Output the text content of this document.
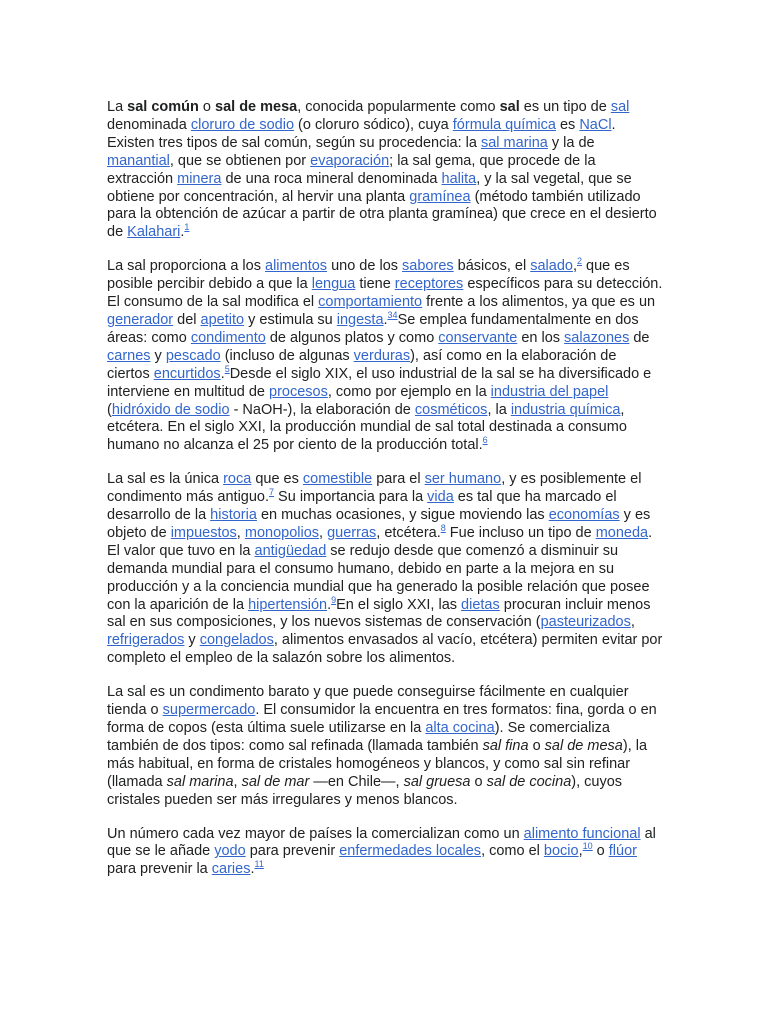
La sal común o sal de mesa, conocida popularmente como sal es un tipo de sal denominada cloruro de sodio (o cloruro sódico), cuya fórmula química es NaCl. Existen tres tipos de sal común, según su procedencia: la sal marina y la de manantial, que se obtienen por evaporación; la sal gema, que procede de la extracción minera de una roca mineral denominada halita, y la sal vegetal, que se obtiene por concentración, al hervir una planta gramínea (método también utilizado para la obtención de azúcar a partir de otra planta gramínea) que crece en el desierto de Kalahari.$^1$

La sal proporciona a los alimentos uno de los sabores básicos, el salado,$^2$ que es posible percibir debido a que la lengua tiene receptores específicos para su detección. El consumo de la sal modifica el comportamiento frente a los alimentos, ya que es un generador del apetito y estimula su ingesta.$^{34}$Se emplea fundamentalmente en dos áreas: como condimento de algunos platos y como conservante en los salazones de carnes y pescado (incluso de algunas verduras), así como en la elaboración de ciertos encurtidos.$^5$Desde el siglo XIX, el uso industrial de la sal se ha diversificado e interviene en multitud de procesos, como por ejemplo en la industria del papel (hidróxido de sodio - NaOH-), la elaboración de cosméticos, la industria química, etcétera. En el siglo XXI, la producción mundial de sal total destinada a consumo humano no alcanza el 25 por ciento de la producción total.$^6$

La sal es la única roca que es comestible para el ser humano, y es posiblemente el condimento más antiguo.$^7$ Su importancia para la vida es tal que ha marcado el desarrollo de la historia en muchas ocasiones, y sigue moviendo las economías y es objeto de impuestos, monopolios, guerras, etcétera.$^8$ Fue incluso un tipo de moneda. El valor que tuvo en la antigüedad se redujo desde que comenzó a disminuir su demanda mundial para el consumo humano, debido en parte a la mejora en su producción y a la conciencia mundial que ha generado la posible relación que posee con la aparición de la hipertensión.$^9$En el siglo XXI, las dietas procuran incluir menos sal en sus composiciones, y los nuevos sistemas de conservación (pasteurizados, refrigerados y congelados, alimentos envasados al vacío, etcétera) permiten evitar por completo el empleo de la salazón sobre los alimentos.

La sal es un condimento barato y que puede conseguirse fácilmente en cualquier tienda o supermercado. El consumidor la encuentra en tres formatos: fina, gorda o en forma de copos (esta última suele utilizarse en la alta cocina). Se comercializa también de dos tipos: como sal refinada (llamada también sal fina o sal de mesa), la más habitual, en forma de cristales homogéneos y blancos, y como sal sin refinar (llamada sal marina, sal de mar —en Chile—, sal gruesa o sal de cocina), cuyos cristales pueden ser más irregulares y menos blancos.

Un número cada vez mayor de países la comercializan como un alimento funcional al que se le añade yodo para prevenir enfermedades locales, como el bocio,$^{10}$ o flúor para prevenir la caries.$^{11}$
